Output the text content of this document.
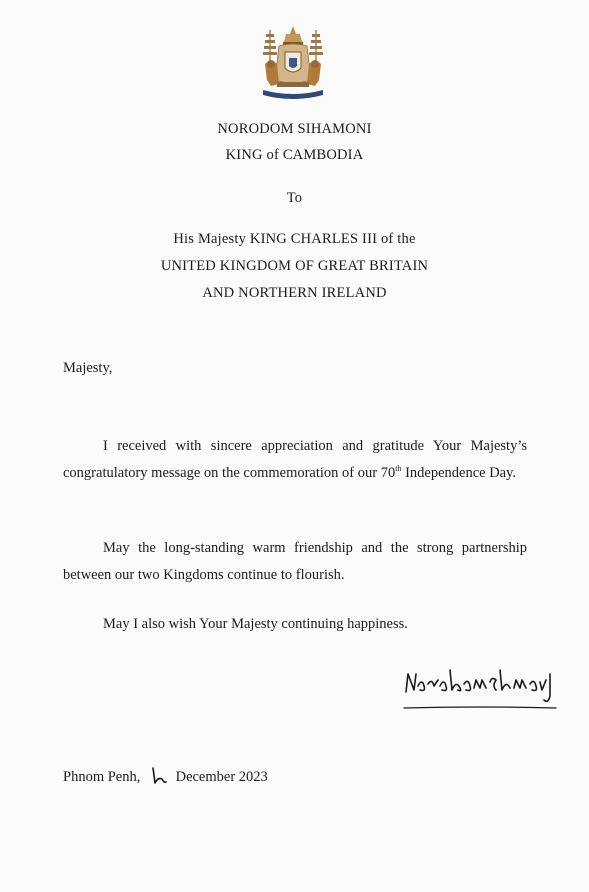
NORODOM SIHAMONI
KING of CAMBODIA
To
His Majesty KING CHARLES III of the
UNITED KINGDOM OF GREAT BRITAIN
AND NORTHERN IRELAND
Majesty,
I received with sincere appreciation and gratitude Your Majesty’s congratulatory message on the commemoration of our 70th Independence Day.
May the long-standing warm friendship and the strong partnership between our two Kingdoms continue to flourish.
May I also wish Your Majesty continuing happiness.
Phnom Penh, December 2023
